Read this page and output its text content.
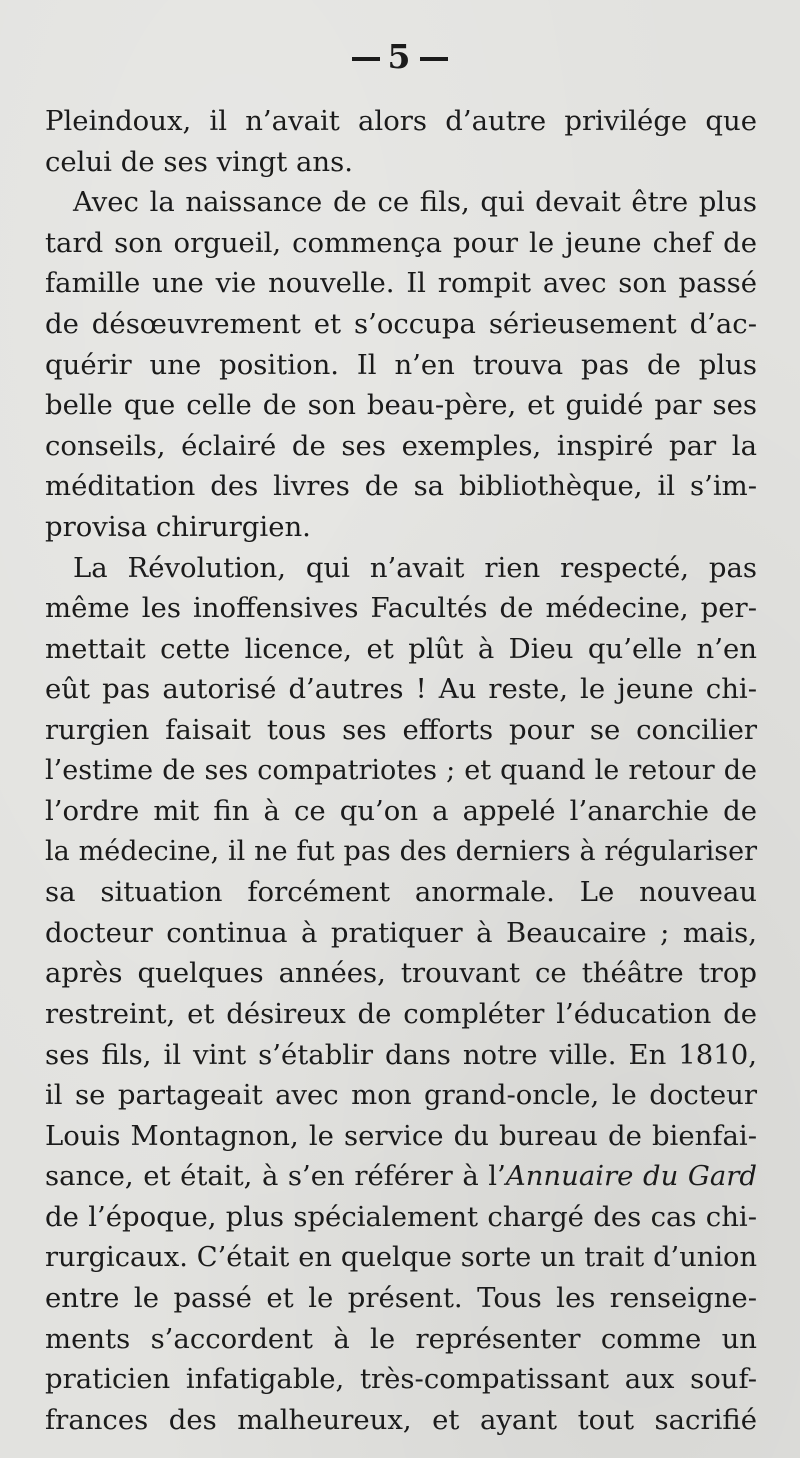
5
Pleindoux, il n’avait alors d’autre privilége que
celui de ses vingt ans.
Avec la naissance de ce fils, qui devait être plus
tard son orgueil, commença pour le jeune chef de
famille une vie nouvelle. Il rompit avec son passé
de désœuvrement et s’occupa sérieusement d’ac-
quérir une position. Il n’en trouva pas de plus
belle que celle de son beau-père, et guidé par ses
conseils, éclairé de ses exemples, inspiré par la
méditation des livres de sa bibliothèque, il s’im-
provisa chirurgien.
La Révolution, qui n’avait rien respecté, pas
même les inoffensives Facultés de médecine, per-
mettait cette licence, et plût à Dieu qu’elle n’en
eût pas autorisé d’autres ! Au reste, le jeune chi-
rurgien faisait tous ses efforts pour se concilier
l’estime de ses compatriotes ; et quand le retour de
l’ordre mit fin à ce qu’on a appelé l’anarchie de
la médecine, il ne fut pas des derniers à régulariser
sa situation forcément anormale. Le nouveau
docteur continua à pratiquer à Beaucaire ; mais,
après quelques années, trouvant ce théâtre trop
restreint, et désireux de compléter l’éducation de
ses fils, il vint s’établir dans notre ville. En 1810,
il se partageait avec mon grand-oncle, le docteur
Louis Montagnon, le service du bureau de bienfai-
sance, et était, à s’en référer à l’Annuaire du Gard
de l’époque, plus spécialement chargé des cas chi-
rurgicaux. C’était en quelque sorte un trait d’union
entre le passé et le présent. Tous les renseigne-
ments s’accordent à le représenter comme un
praticien infatigable, très-compatissant aux souf-
frances des malheureux, et ayant tout sacrifié
